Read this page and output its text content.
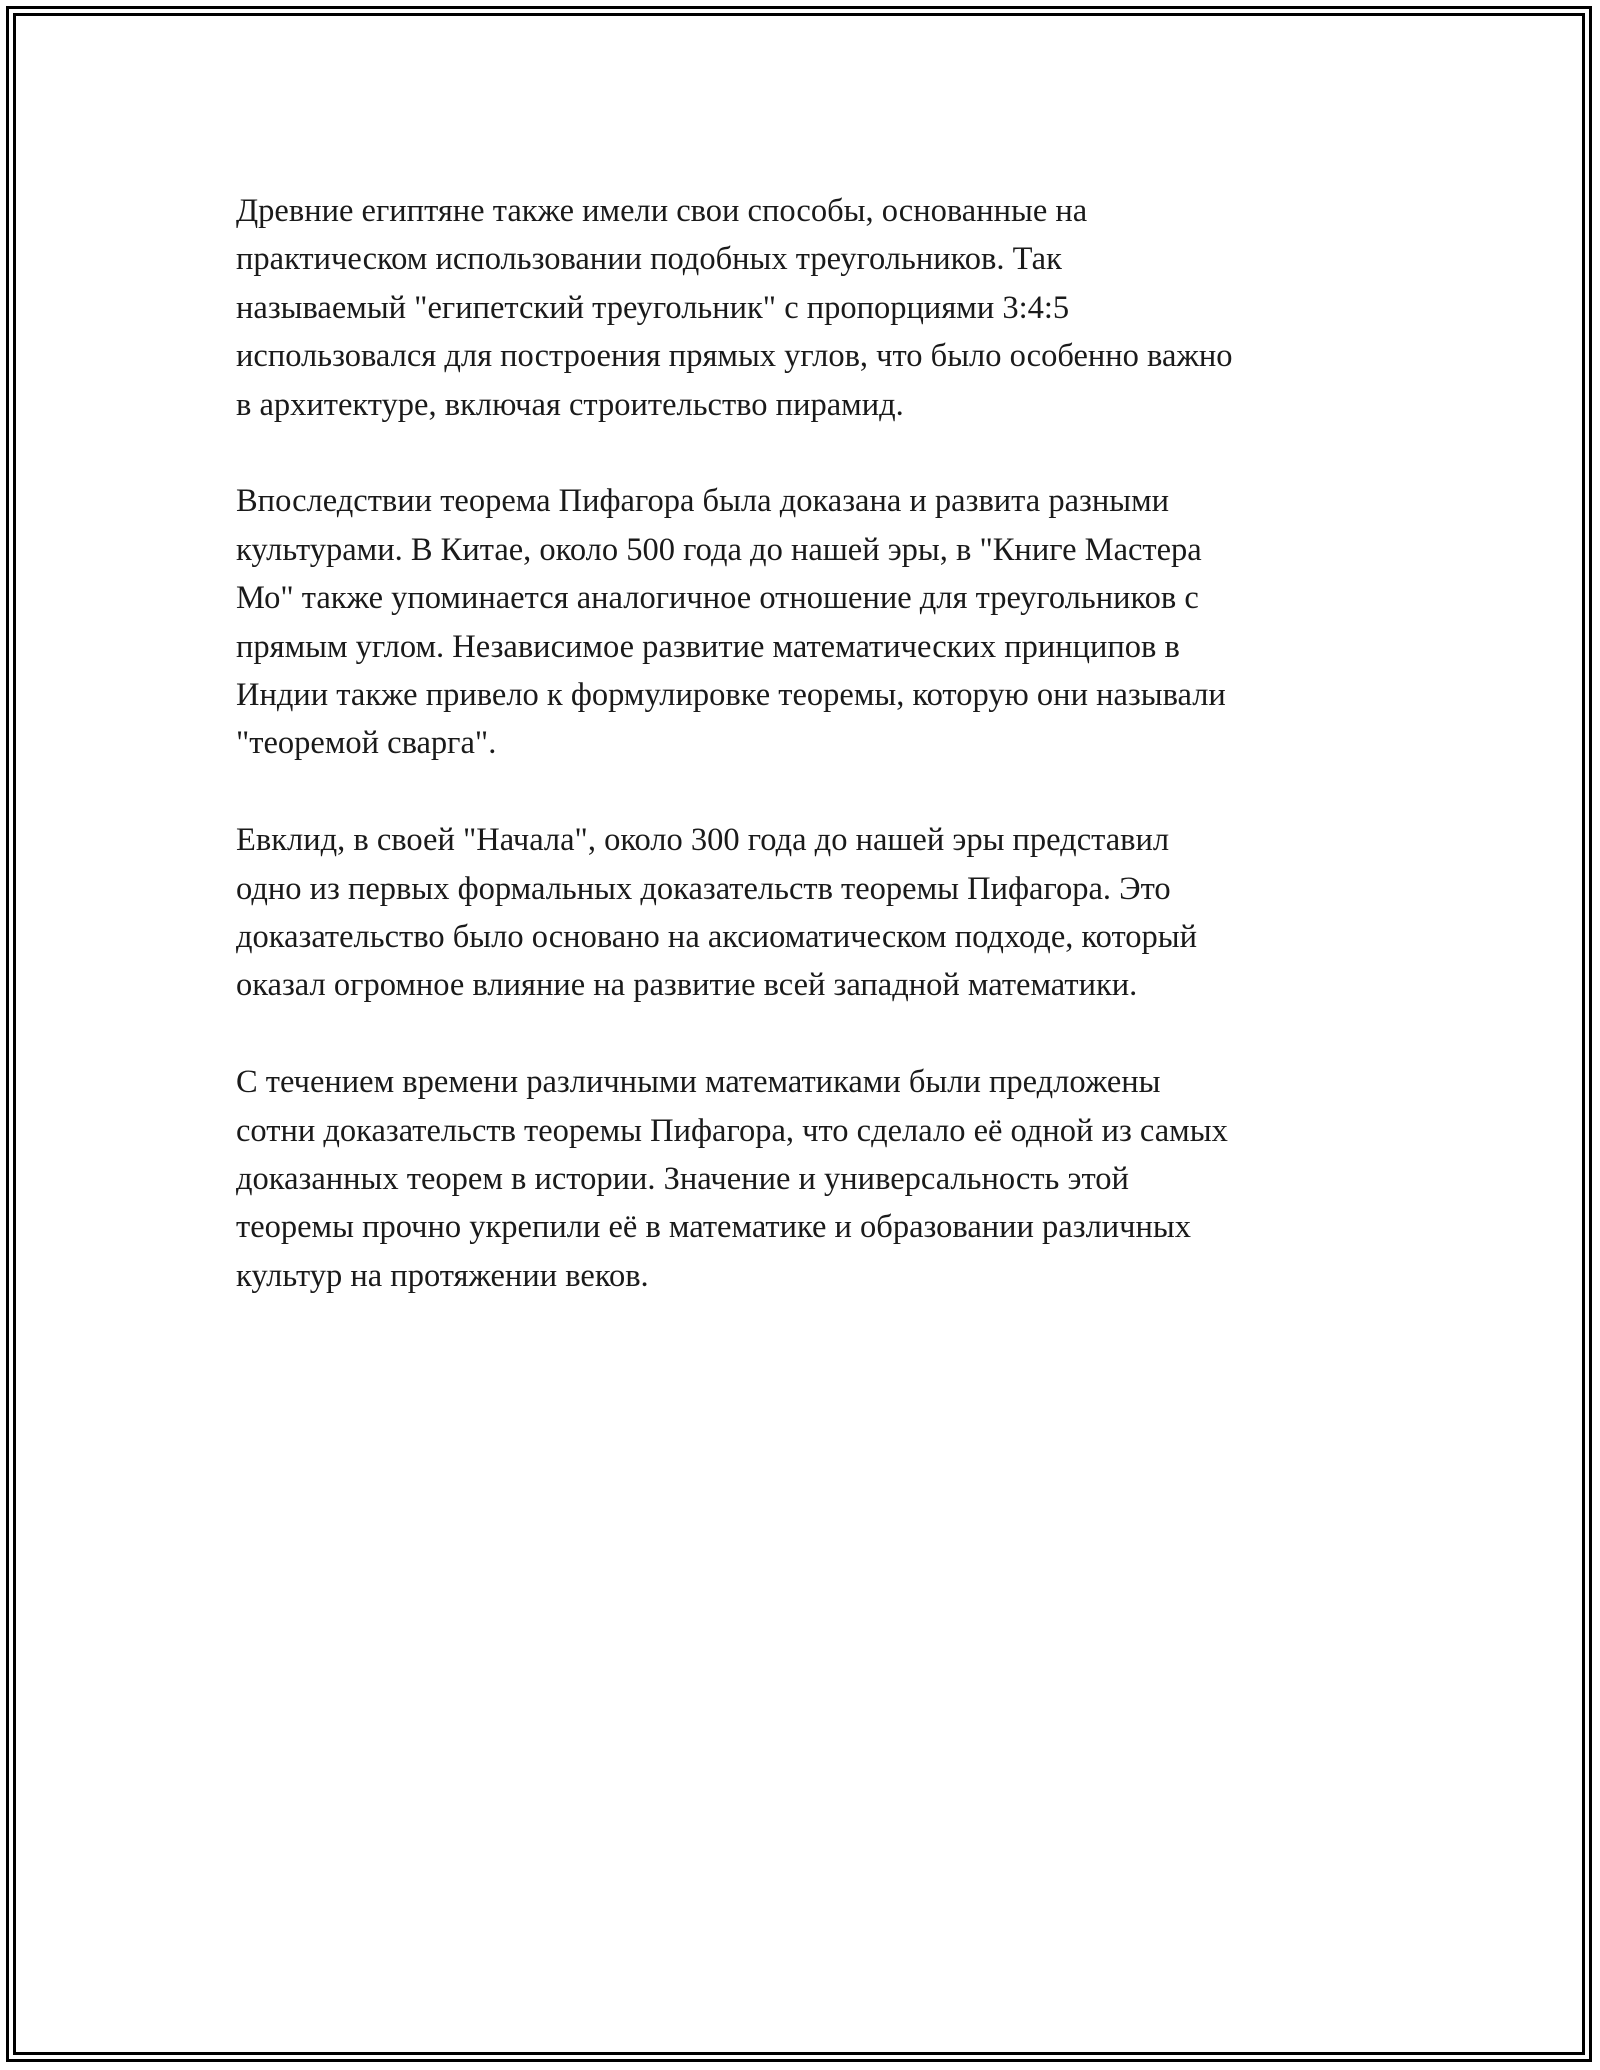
Древние египтяне также имели свои способы, основанные на
практическом использовании подобных треугольников. Так
называемый "египетский треугольник" с пропорциями 3:4:5
использовался для построения прямых углов, что было особенно важно
в архитектуре, включая строительство пирамид.

Впоследствии теорема Пифагора была доказана и развита разными
культурами. В Китае, около 500 года до нашей эры, в "Книге Мастера
Мо" также упоминается аналогичное отношение для треугольников с
прямым углом. Независимое развитие математических принципов в
Индии также привело к формулировке теоремы, которую они называли
"теоремой сварга".

Евклид, в своей "Начала", около 300 года до нашей эры представил
одно из первых формальных доказательств теоремы Пифагора. Это
доказательство было основано на аксиоматическом подходе, который
оказал огромное влияние на развитие всей западной математики.

С течением времени различными математиками были предложены
сотни доказательств теоремы Пифагора, что сделало её одной из самых
доказанных теорем в истории. Значение и универсальность этой
теоремы прочно укрепили её в математике и образовании различных
культур на протяжении веков.
